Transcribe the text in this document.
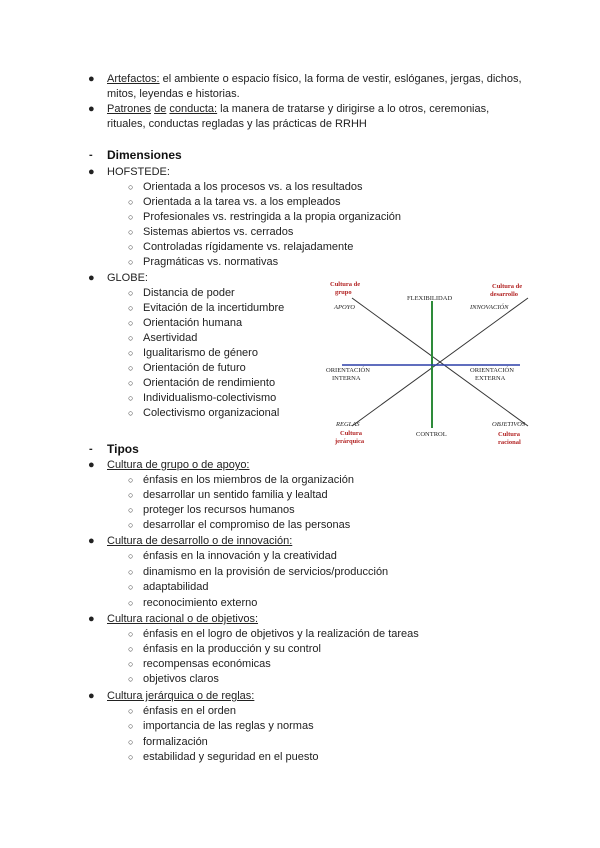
● Artefactos: el ambiente o espacio físico, la forma de vestir, eslóganes, jergas, dichos,
mitos, leyendas e historias.
● Patrones de conducta: la manera de tratarse y dirigirse a lo otros, ceremonias,
rituales, conductas regladas y las prácticas de RRHH
- Dimensiones
● HOFSTEDE:
○ Orientada a los procesos vs. a los resultados
○ Orientada a la tarea vs. a los empleados
○ Profesionales vs. restringida a la propia organización
○ Sistemas abiertos vs. cerrados
○ Controladas rígidamente vs. relajadamente
○ Pragmáticas vs. normativas
● GLOBE:
○ Distancia de poder
○ Evitación de la incertidumbre
○ Orientación humana
○ Asertividad
○ Igualitarismo de género
○ Orientación de futuro
○ Orientación de rendimiento
○ Individualismo-colectivismo
○ Colectivismo organizacional
Cultura de
grupo
Cultura de
desarrollo
FLEXIBILIDAD
APOYO	INNOVACIÓN
ORIENTACIÓN
INTERNA
ORIENTACIÓN
EXTERNA
REGLAS	OBJETIVOS
CONTROL
Cultura
jerárquica
Cultura
racional
- Tipos
● Cultura de grupo o de apoyo:
○ énfasis en los miembros de la organización
○ desarrollar un sentido familia y lealtad
○ proteger los recursos humanos
○ desarrollar el compromiso de las personas
● Cultura de desarrollo o de innovación:
○ énfasis en la innovación y la creatividad
○ dinamismo en la provisión de servicios/producción
○ adaptabilidad
○ reconocimiento externo
● Cultura racional o de objetivos:
○ énfasis en el logro de objetivos y la realización de tareas
○ énfasis en la producción y su control
○ recompensas económicas
○ objetivos claros
● Cultura jerárquica o de reglas:
○ énfasis en el orden
○ importancia de las reglas y normas
○ formalización
○ estabilidad y seguridad en el puesto
